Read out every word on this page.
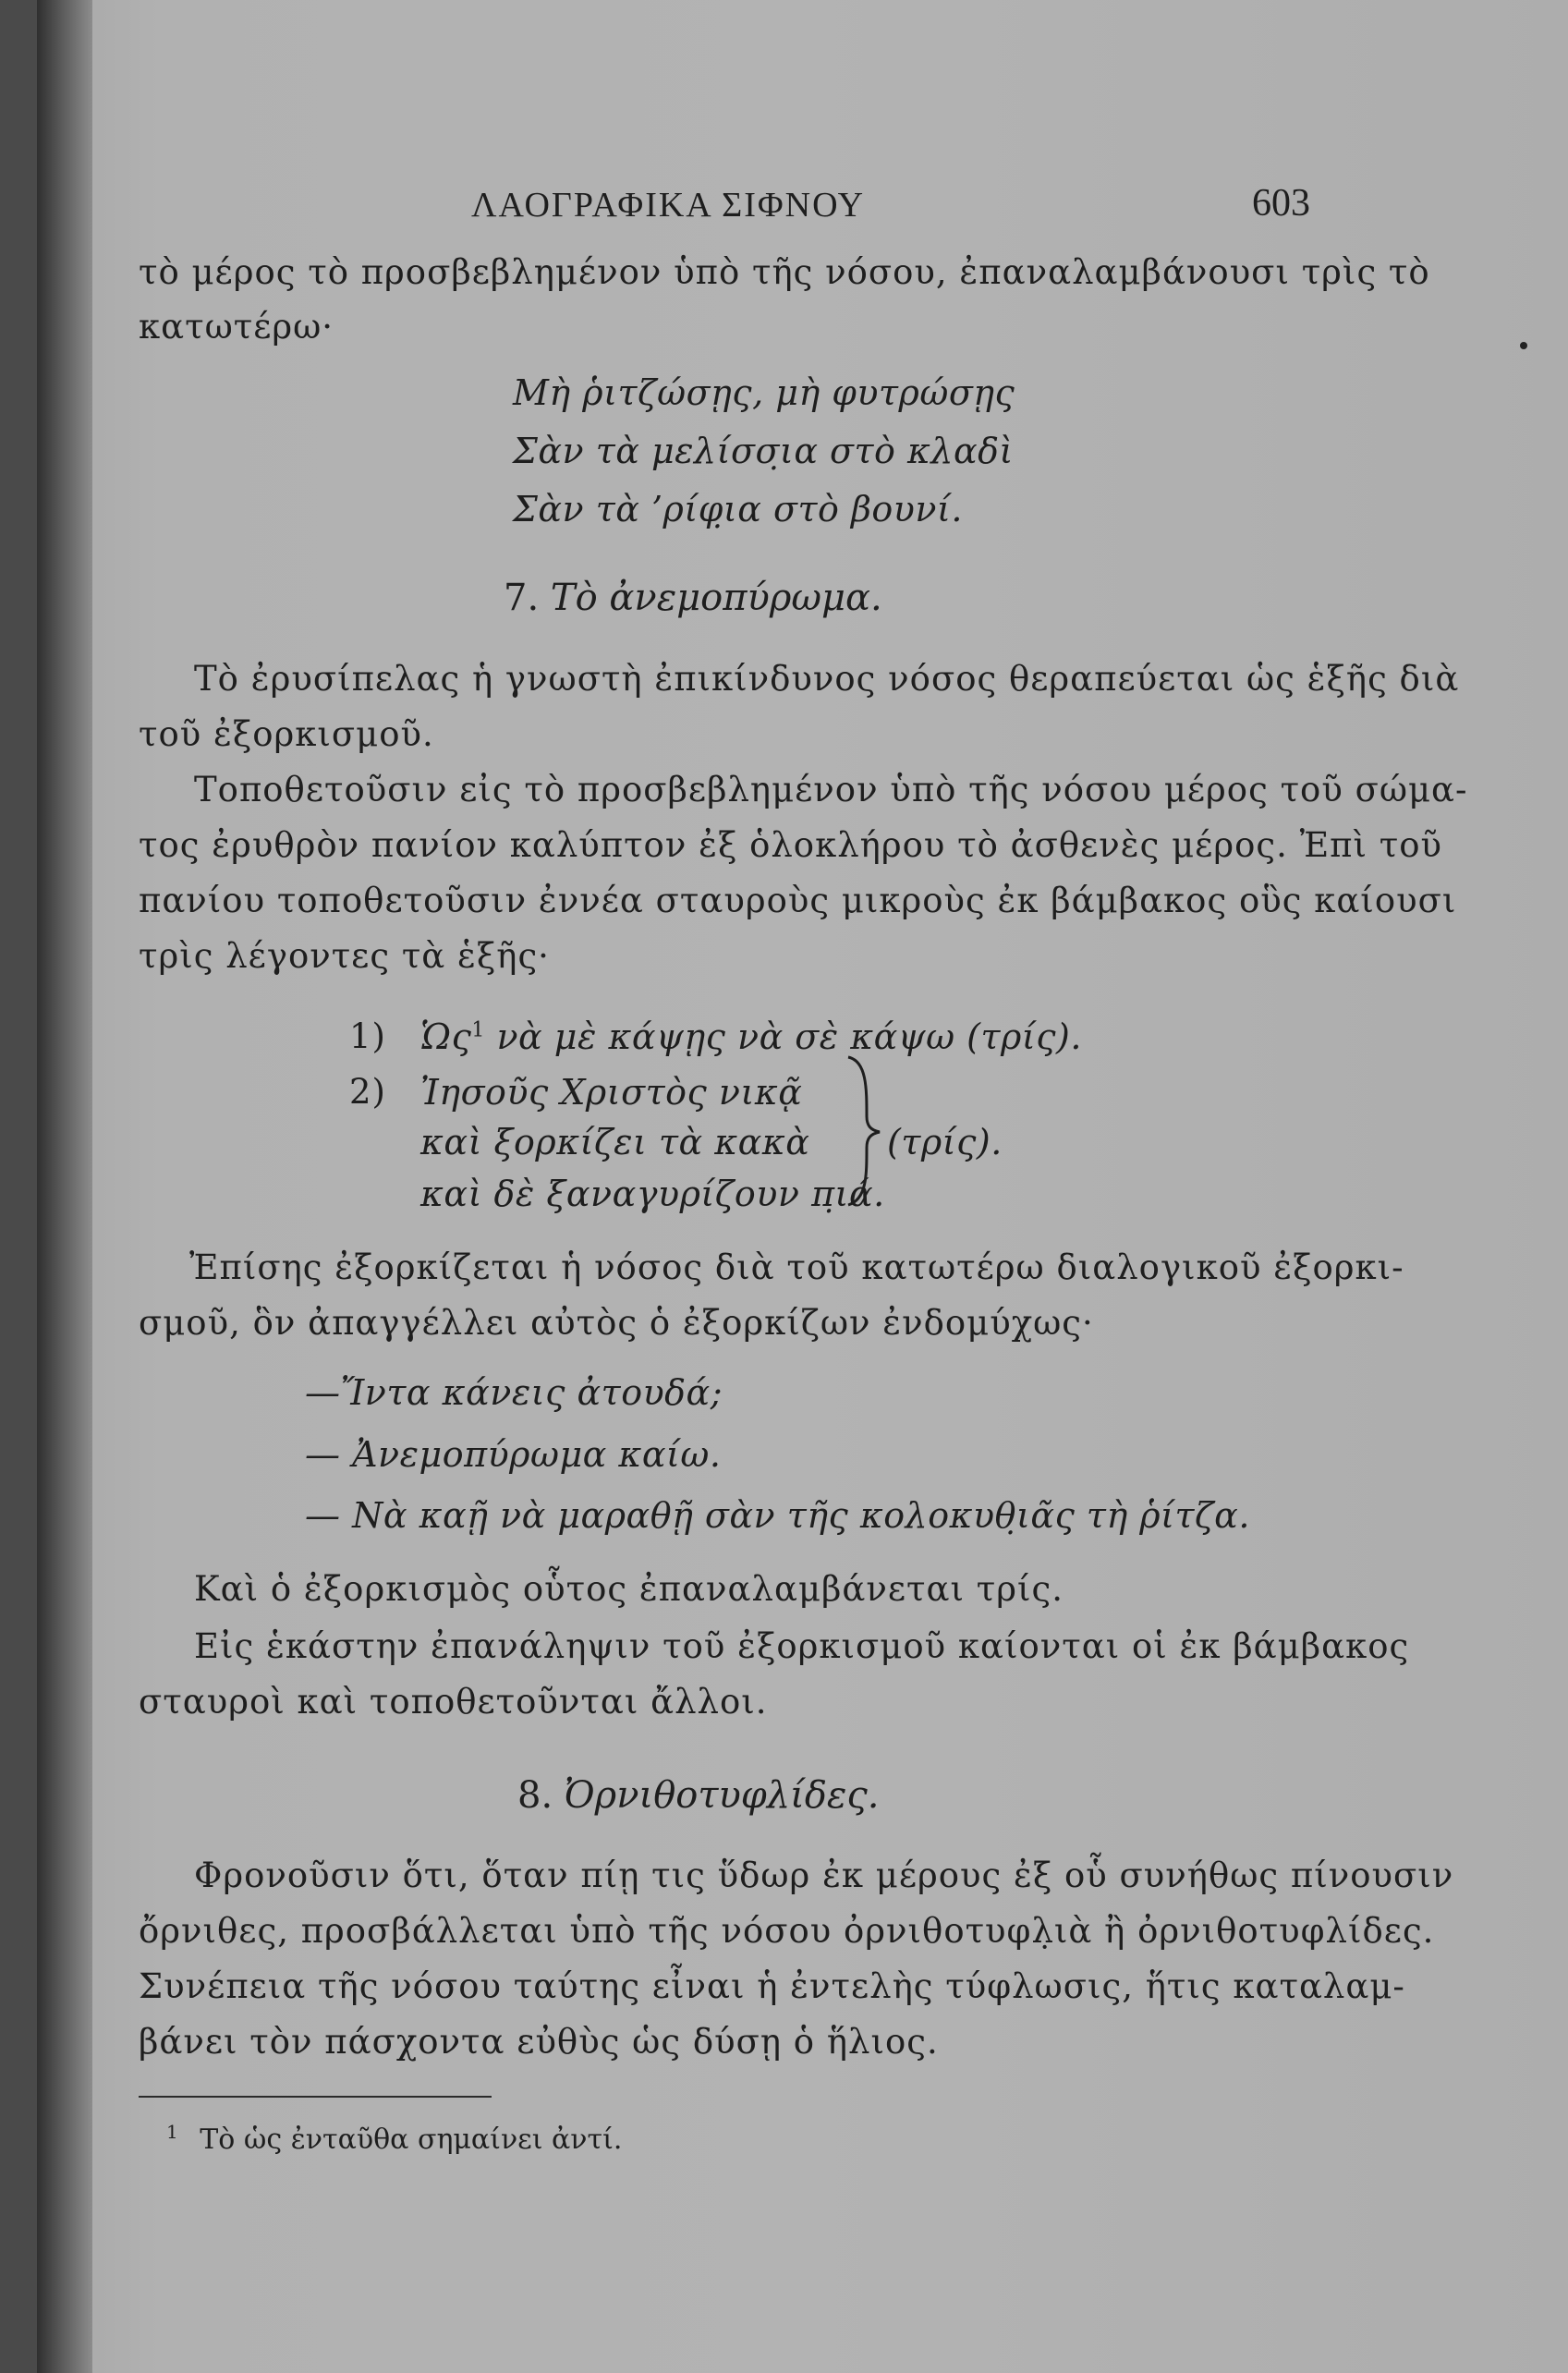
ΛΑΟΓΡΑΦΙΚΑ ΣΙΦΝΟΥ	603
τὸ μέρος τὸ προσβεβλημένον ὑπὸ τῆς νόσου, ἐπαναλαμβάνουσι τρὶς τὸ
κατωτέρω·
Μὴ ῥιτζώσῃς, μὴ φυτρώσῃς
Σὰν τὰ μελίσσ̣ια στὸ κλαδὶ
Σὰν τὰ ’ρίφ̣ια στὸ βουνί.
7. Τὸ ἀνεμοπύρωμα.
Τὸ ἐρυσίπελας ἡ γνωστὴ ἐπικίνδυνος νόσος θεραπεύεται ὡς ἑξῆς διὰ
τοῦ ἐξορκισμοῦ.
Τοποθετοῦσιν εἰς τὸ προσβεβλημένον ὑπὸ τῆς νόσου μέρος τοῦ σώμα-
τος ἐρυθρὸν πανίον καλύπτον ἐξ ὁλοκλήρου τὸ ἀσθενὲς μέρος. Ἐπὶ τοῦ
πανίου τοποθετοῦσιν ἐννέα σταυροὺς μικροὺς ἐκ βάμβακος οὓς καίουσι
τρὶς λέγοντες τὰ ἑξῆς·
1) Ὡς$^1$ νὰ μὲ κάψῃς νὰ σὲ κάψω (τρίς).
2) Ἰησοῦς Χριστὸς νικᾷ
καὶ ξορκίζει τὰ κακὰ
καὶ δὲ ξαναγυρίζουν π̣ιά.
(τρίς).
Ἐπίσης ἐξορκίζεται ἡ νόσος διὰ τοῦ κατωτέρω διαλογικοῦ ἐξορκι-
σμοῦ, ὃν ἀπαγγέλλει αὐτὸς ὁ ἐξορκίζων ἐνδομύχως·
—Ἴντα κάνεις ἀτουδά;
— Ἀνεμοπύρωμα καίω.
— Νὰ καῇ νὰ μαραθῇ σὰν τῆς κολοκυθ̣ιᾶς τὴ ῥίτζα.
Καὶ ὁ ἐξορκισμὸς οὗτος ἐπαναλαμβάνεται τρίς.
Εἰς ἑκάστην ἐπανάληψιν τοῦ ἐξορκισμοῦ καίονται οἱ ἐκ βάμβακος
σταυροὶ καὶ τοποθετοῦνται ἄλλοι.
8. Ὀρνιθοτυφλίδες.
Φρονοῦσιν ὅτι, ὅταν πίῃ τις ὕδωρ ἐκ μέρους ἐξ οὗ συνήθως πίνουσιν
ὄρνιθες, προσβάλλεται ὑπὸ τῆς νόσου ὀρνιθοτυφλ̣ιὰ ἢ ὀρνιθοτυφλίδες.
Συνέπεια τῆς νόσου ταύτης εἶναι ἡ ἐντελὴς τύφλωσις, ἥτις καταλαμ-
βάνει τὸν πάσχοντα εὐθὺς ὡς δύσῃ ὁ ἥλιος.
$^1$ Τὸ ὡς ἐνταῦθα σημαίνει ἀντί.
